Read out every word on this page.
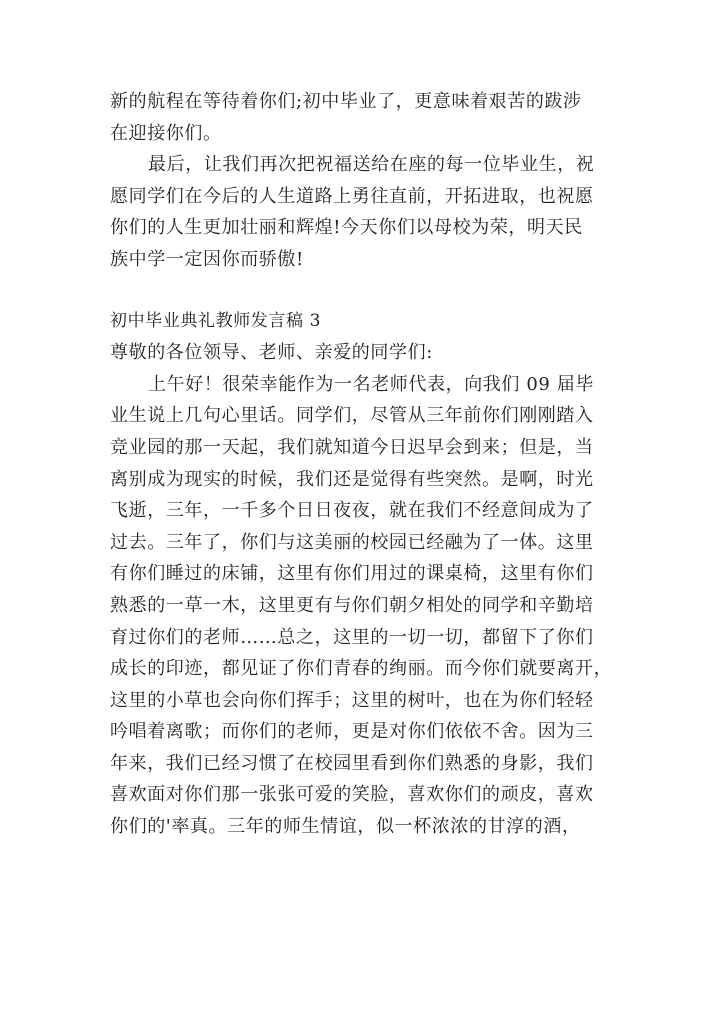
新的航程在等待着你们;初中毕业了，更意味着艰苦的跋涉
在迎接你们。
最后，让我们再次把祝福送给在座的每一位毕业生，祝
愿同学们在今后的人生道路上勇往直前，开拓进取，也祝愿
你们的人生更加壮丽和辉煌!今天你们以母校为荣，明天民
族中学一定因你而骄傲!
初中毕业典礼教师发言稿 3
尊敬的各位领导、老师、亲爱的同学们:
上午好！很荣幸能作为一名老师代表，向我们 09 届毕
业生说上几句心里话。同学们，尽管从三年前你们刚刚踏入
竞业园的那一天起，我们就知道今日迟早会到来；但是，当
离别成为现实的时候，我们还是觉得有些突然。是啊，时光
飞逝，三年，一千多个日日夜夜，就在我们不经意间成为了
过去。三年了，你们与这美丽的校园已经融为了一体。这里
有你们睡过的床铺，这里有你们用过的课桌椅，这里有你们
熟悉的一草一木，这里更有与你们朝夕相处的同学和辛勤培
育过你们的老师……总之，这里的一切一切，都留下了你们
成长的印迹，都见证了你们青春的绚丽。而今你们就要离开，
这里的小草也会向你们挥手；这里的树叶，也在为你们轻轻
吟唱着离歌；而你们的老师，更是对你们依依不舍。因为三
年来，我们已经习惯了在校园里看到你们熟悉的身影，我们
喜欢面对你们那一张张可爱的笑脸，喜欢你们的顽皮，喜欢
你们的'率真。三年的师生情谊，似一杯浓浓的甘淳的酒，
